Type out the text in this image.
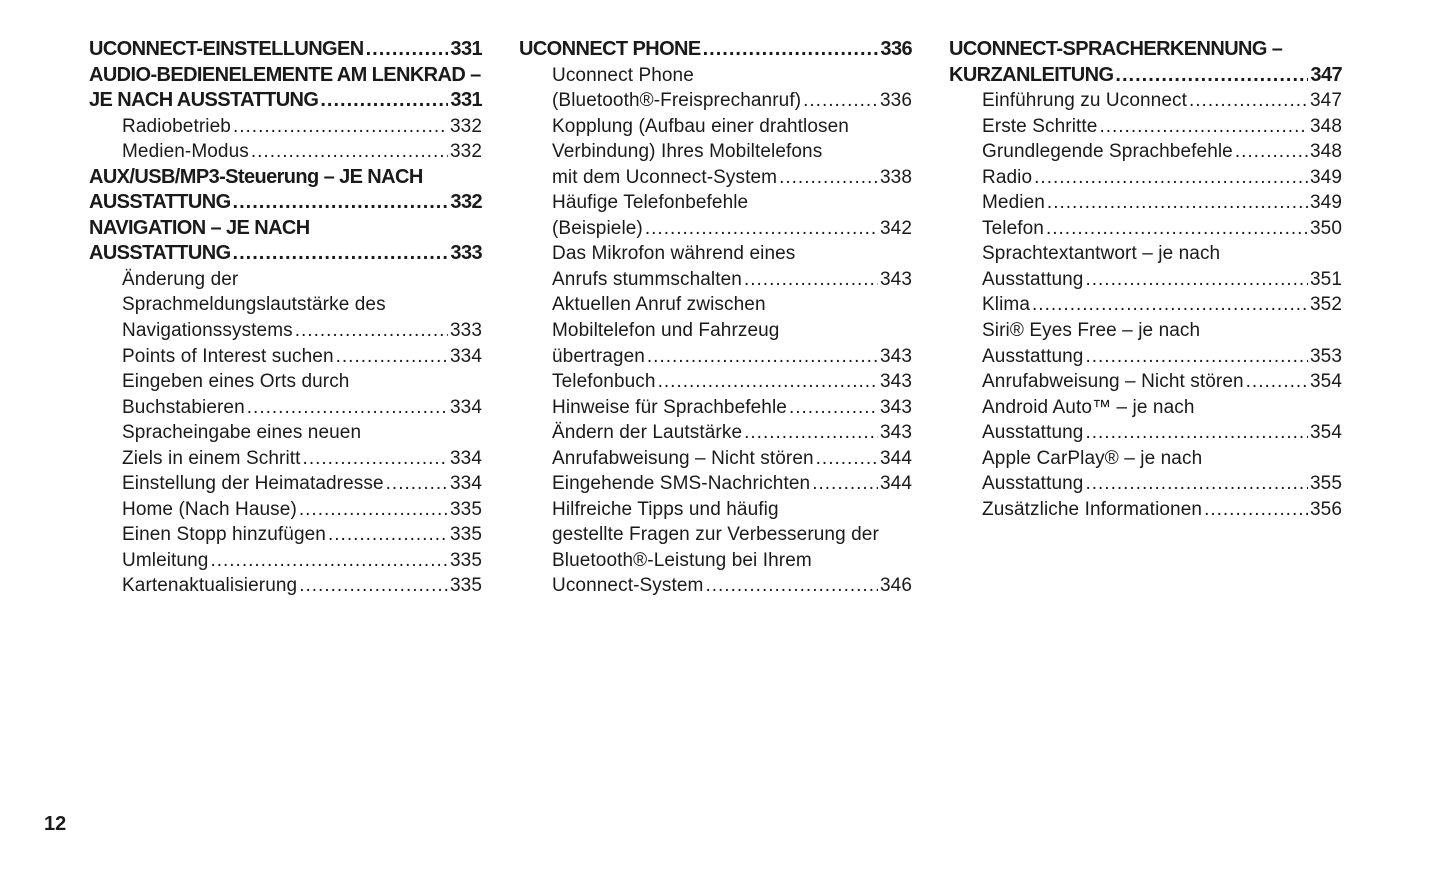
UCONNECT-EINSTELLUNGEN .....	331
AUDIO-BEDIENELEMENTE AM LENKRAD –
JE NACH AUSSTATTUNG .....	331
Radiobetrieb .....	332
Medien-Modus .....	332
AUX/USB/MP3-Steuerung – JE NACH
AUSSTATTUNG .....	332
NAVIGATION – JE NACH
AUSSTATTUNG .....	333
Änderung der
Sprachmeldungslautstärke des
Navigationssystems .....	333
Points of Interest suchen .....	334
Eingeben eines Orts durch
Buchstabieren .....	334
Spracheingabe eines neuen
Ziels in einem Schritt .....	334
Einstellung der Heimatadresse .....	334
Home (Nach Hause) .....	335
Einen Stopp hinzufügen .....	335
Umleitung .....	335
Kartenaktualisierung .....	335
UCONNECT PHONE .....	336
Uconnect Phone
(Bluetooth®-Freisprechanruf) .....	336
Kopplung (Aufbau einer drahtlosen
Verbindung) Ihres Mobiltelefons
mit dem Uconnect-System .....	338
Häufige Telefonbefehle
(Beispiele) .....	342
Das Mikrofon während eines
Anrufs stummschalten .....	343
Aktuellen Anruf zwischen
Mobiltelefon und Fahrzeug
übertragen .....	343
Telefonbuch .....	343
Hinweise für Sprachbefehle .....	343
Ändern der Lautstärke .....	343
Anrufabweisung – Nicht stören .....	344
Eingehende SMS-Nachrichten .....	344
Hilfreiche Tipps und häufig
gestellte Fragen zur Verbesserung der
Bluetooth®-Leistung bei Ihrem
Uconnect-System .....	346
UCONNECT-SPRACHERKENNUNG –
KURZANLEITUNG .....	347
Einführung zu Uconnect .....	347
Erste Schritte .....	348
Grundlegende Sprachbefehle .....	348
Radio .....	349
Medien .....	349
Telefon .....	350
Sprachtextantwort – je nach
Ausstattung .....	351
Klima .....	352
Siri® Eyes Free – je nach
Ausstattung .....	353
Anrufabweisung – Nicht stören .....	354
Android Auto™ – je nach
Ausstattung .....	354
Apple CarPlay® – je nach
Ausstattung .....	355
Zusätzliche Informationen .....	356
12
